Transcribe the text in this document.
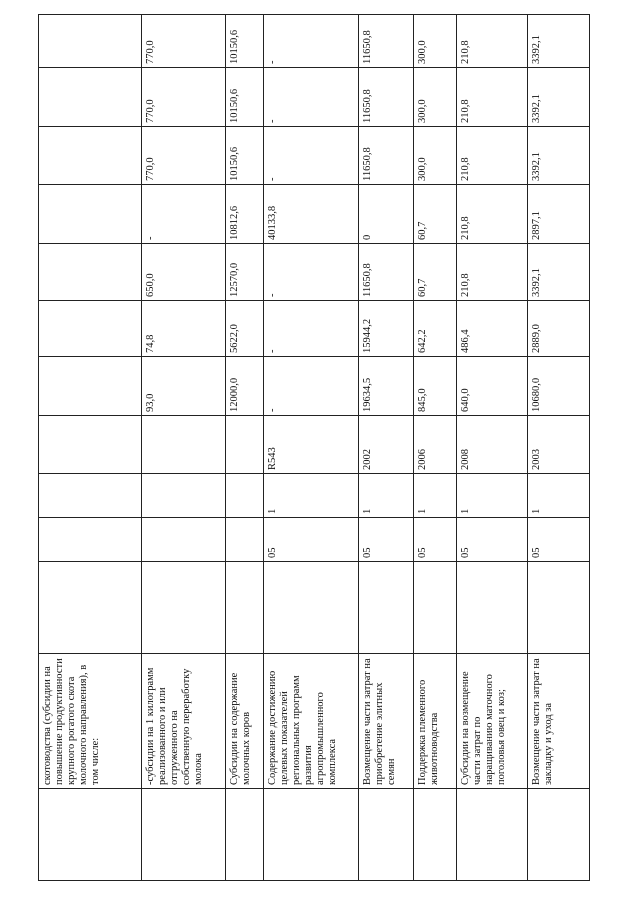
	скотоводства (субсидии на повышение продуктивности крупного рогатого скота молочного направления), в том числе:												
	-субсидии на 1 килограмм реализованного и или отгруженного на собственную переработку молока					93,0	74,8	650,0	-	770,0	770,0	770,0	
	Субсидии на содержание молочных коров					12000,0	5622,0	12570,0	10812,6	10150,6	10150,6	10150,6	
	Содержание достижению целевых показателей региональных программ развития агропромышленного комплекса		05	1	R543	-	-	-	40133,8	-	-	-	
	Возмещение части затрат на приобретение элитных семян		05	1	2002	19634,5	15944,2	11650,8	0	11650,8	11650,8	11650,8	
	Поддержка племенного животноводства		05	1	2006	845,0	642,2	60,7	60,7	300,0	300,0	300,0	
	Субсидии на возмещение части затрат по наращиванию маточного поголовья овец и коз;		05	1	2008	640,0	486,4	210,8	210,8	210,8	210,8	210,8	
	Возмещение части затрат на закладку и уход за		05	1	2003	10680,0	2889,0	3392,1	2897,1	3392,1	3392,1	3392,1	
